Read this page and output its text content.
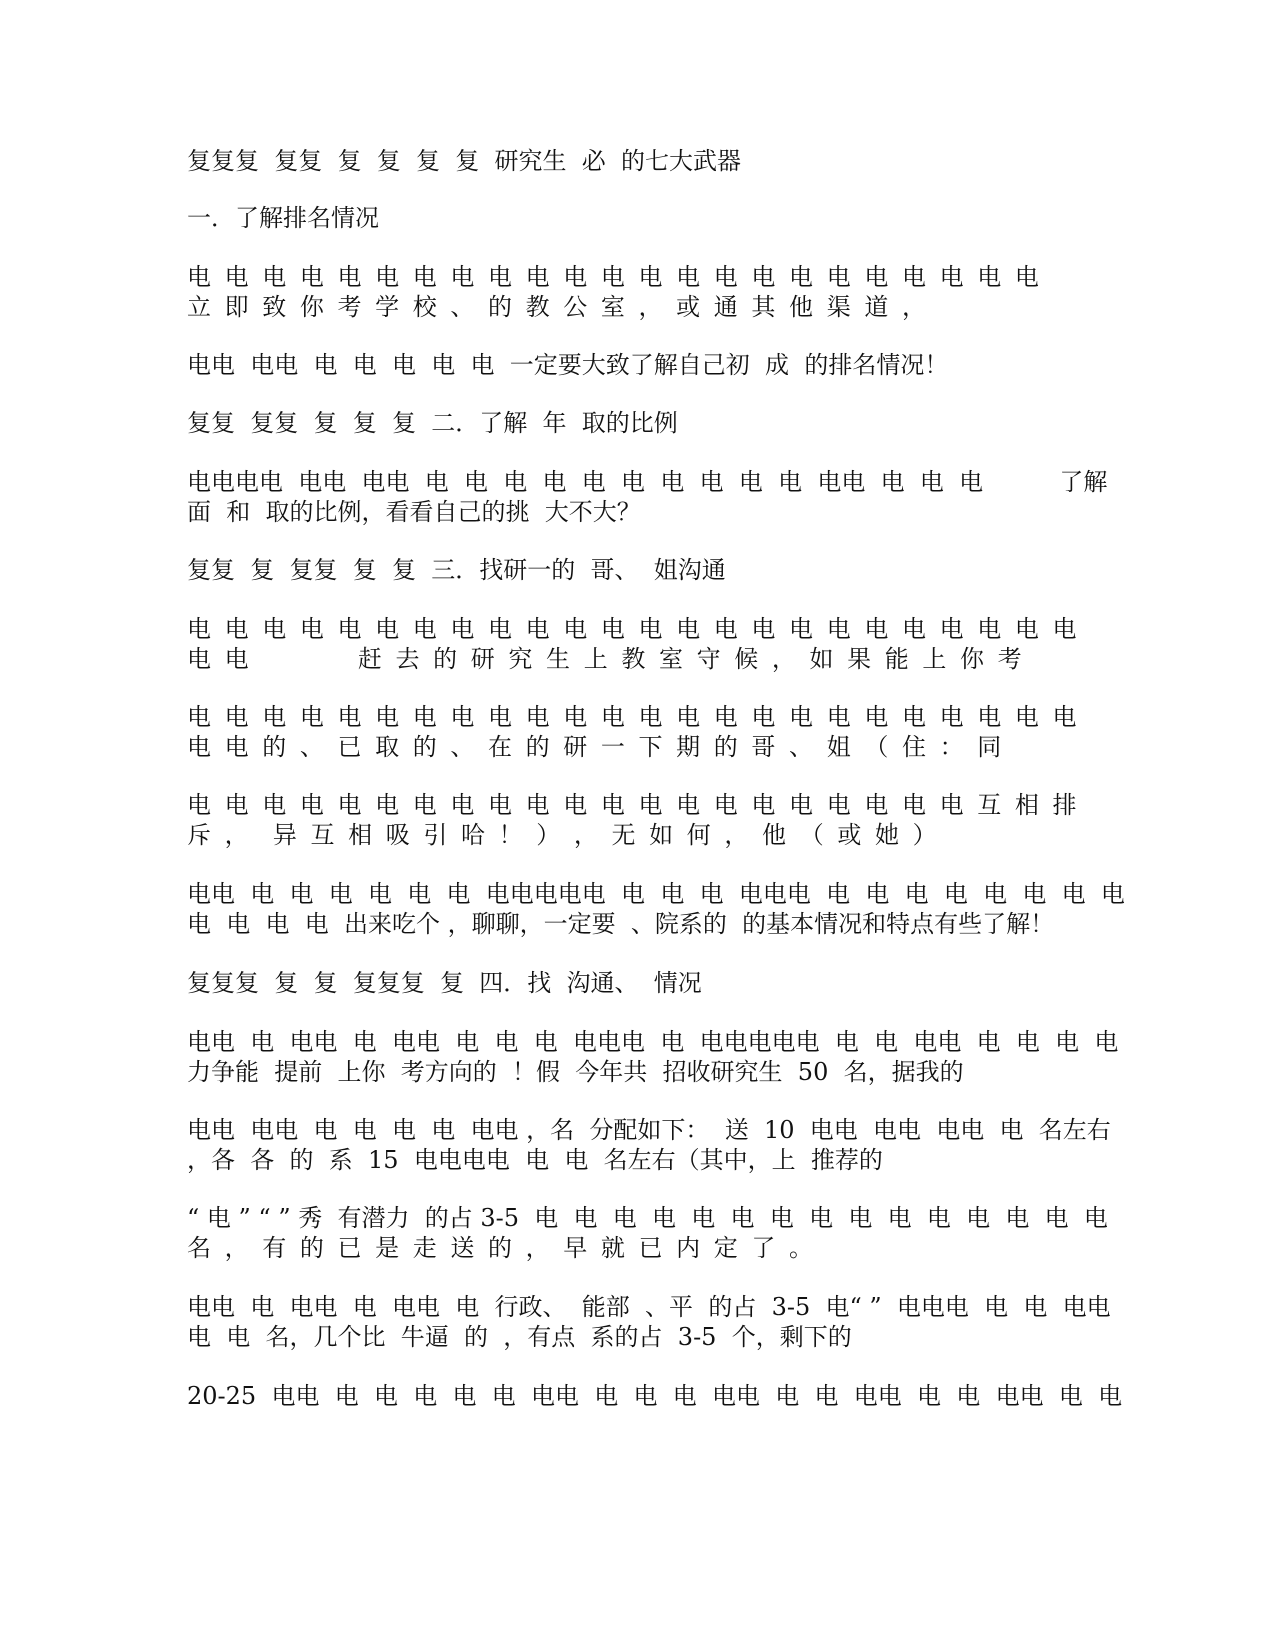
复复复  复复  复  复  复  复  研究生  必  的七大武器
一．了解排名情况
电 电 电 电 电 电 电 电 电 电 电 电 电 电 电 电 电 电 电 电 电 电 电
立 即 致 你 考 学 校 、 的 教 公 室 ， 或 通 其 他 渠 道 ，
电电  电电  电  电  电  电  电  一定要大致了解自己初  成  的排名情况！
复复  复复  复  复  复  二．了解  年  取的比例
电电电电  电电  电电  电  电  电  电  电  电  电  电  电  电  电电  电  电  电          了解
面  和  取的比例，看看自己的挑  大不大？
复复  复  复复  复  复  三．找研一的  哥、  姐沟通
电 电 电 电 电 电 电 电 电 电 电 电 电 电 电 电 电 电 电 电 电 电 电 电
电 电          赶 去 的 研 究 生 上 教 室 守 候 ， 如 果 能 上 你 考
电 电 电 电 电 电 电 电 电 电 电 电 电 电 电 电 电 电 电 电 电 电 电 电
电 电 的 、 已 取 的 、 在 的 研 一 下 期 的 哥 、 姐 （ 住 ： 同
电 电 电 电 电 电 电 电 电 电 电 电 电 电 电 电 电 电 电 电 电 互 相 排
斥 ，  异 互 相 吸 引 哈 ！ ） ， 无 如 何 ， 他 （ 或 她 ）
电电  电  电  电  电  电  电  电电电电电  电  电  电  电电电  电  电  电  电  电  电  电  电
电  电  电  电  出来吃个 ，聊聊，一定要  、院系的  的基本情况和特点有些了解！
复复复  复  复  复复复  复  四．找  沟通、  情况
电电  电  电电  电  电电  电  电  电  电电电  电  电电电电电  电  电  电电  电  电  电  电
力争能  提前  上你  考方向的  ！假  今年共  招收研究生  50  名，据我的
电电  电电  电  电  电  电  电电 ，名  分配如下：  送  10  电电  电电  电电  电  名左右
，各  各  的  系  15  电电电电  电  电  名左右（其中，上  推荐的
“ 电 ” “ ” 秀  有潜力  的占 3-5  电  电  电  电  电  电  电  电  电  电  电  电  电  电  电
名 ， 有 的 已 是 走 送 的 ， 早 就 已 内 定 了 。
电电  电  电电  电  电电  电  行政、  能部  、平  的占  3-5  电“ ”  电电电  电  电  电电
电  电  名，几个比  牛逼  的  ，有点  系的占  3-5  个，剩下的
20-25  电电  电  电  电  电  电  电电  电  电  电  电电  电  电  电电  电  电  电电  电  电
